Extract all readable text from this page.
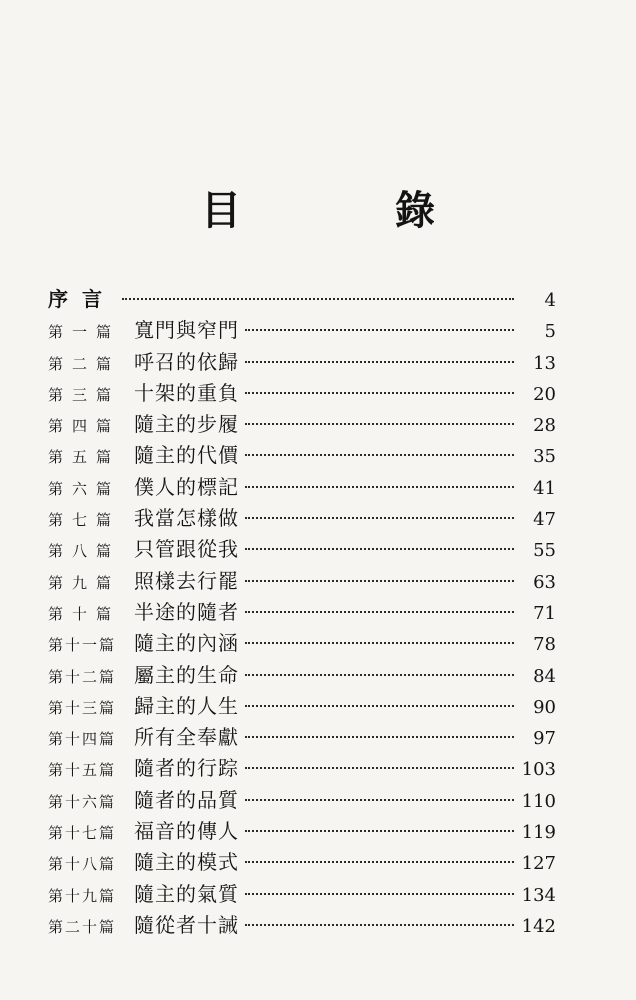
目 錄
序言	4
第一篇 寬門與窄門	5
第二篇 呼召的依歸	13
第三篇 十架的重負	20
第四篇 隨主的步履	28
第五篇 隨主的代價	35
第六篇 僕人的標記	41
第七篇 我當怎樣做	47
第八篇 只管跟從我	55
第九篇 照樣去行罷	63
第十篇 半途的隨者	71
第十一篇 隨主的內涵	78
第十二篇 屬主的生命	84
第十三篇 歸主的人生	90
第十四篇 所有全奉獻	97
第十五篇 隨者的行踪	103
第十六篇 隨者的品質	110
第十七篇 福音的傳人	119
第十八篇 隨主的模式	127
第十九篇 隨主的氣質	134
第二十篇 隨從者十誡	142
